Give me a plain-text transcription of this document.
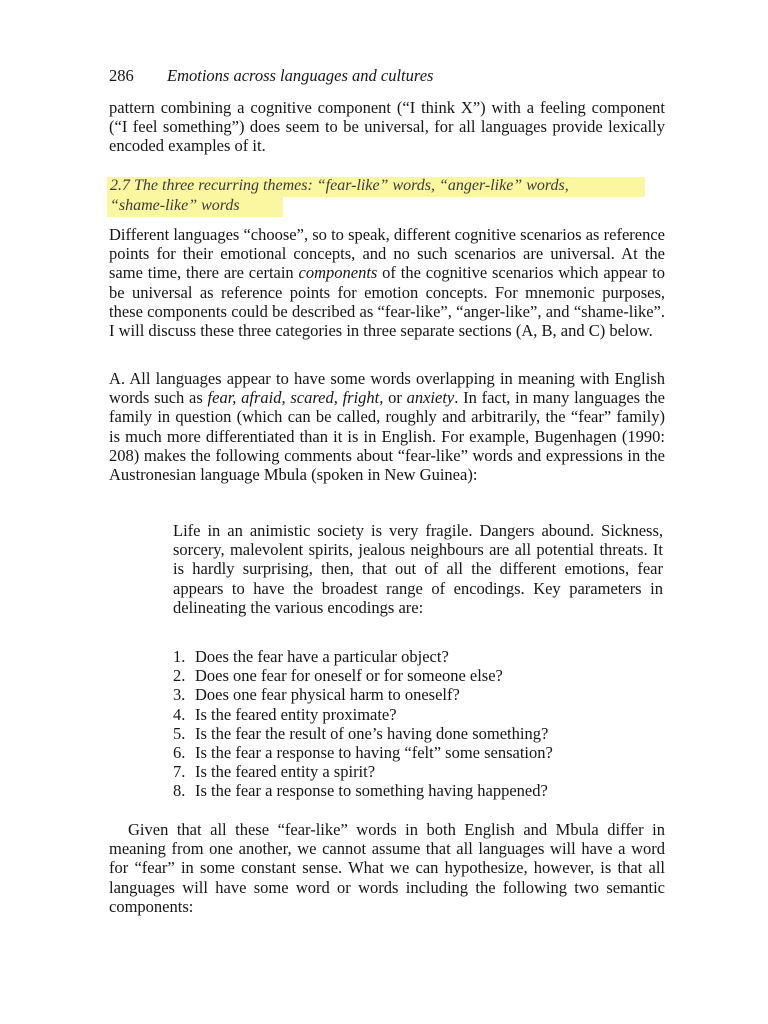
286 Emotions across languages and cultures

pattern combining a cognitive component (“I think X”) with a feeling component (“I feel something”) does seem to be universal, for all languages provide lexically encoded examples of it.

2.7 The three recurring themes: “fear-like” words, “anger-like” words,
“shame-like” words

Different languages “choose”, so to speak, different cognitive scenarios as reference points for their emotional concepts, and no such scenarios are universal. At the same time, there are certain components of the cognitive scenarios which appear to be universal as reference points for emotion concepts. For mnemonic purposes, these components could be described as “fear-like”, “anger-like”, and “shame-like”. I will discuss these three categories in three separate sections (A, B, and C) below.

A. All languages appear to have some words overlapping in meaning with English words such as fear, afraid, scared, fright, or anxiety. In fact, in many languages the family in question (which can be called, roughly and arbitrarily, the “fear” family) is much more differentiated than it is in English. For example, Bugenhagen (1990: 208) makes the following comments about “fear-like” words and expressions in the Austronesian language Mbula (spoken in New Guinea):

Life in an animistic society is very fragile. Dangers abound. Sickness, sorcery, malevolent spirits, jealous neighbours are all potential threats. It is hardly surprising, then, that out of all the different emotions, fear appears to have the broadest range of encodings. Key parameters in delineating the various encodings are:

1. Does the fear have a particular object?
2. Does one fear for oneself or for someone else?
3. Does one fear physical harm to oneself?
4. Is the feared entity proximate?
5. Is the fear the result of one’s having done something?
6. Is the fear a response to having “felt” some sensation?
7. Is the feared entity a spirit?
8. Is the fear a response to something having happened?

Given that all these “fear-like” words in both English and Mbula differ in meaning from one another, we cannot assume that all languages will have a word for “fear” in some constant sense. What we can hypothesize, however, is that all languages will have some word or words including the following two semantic components:
